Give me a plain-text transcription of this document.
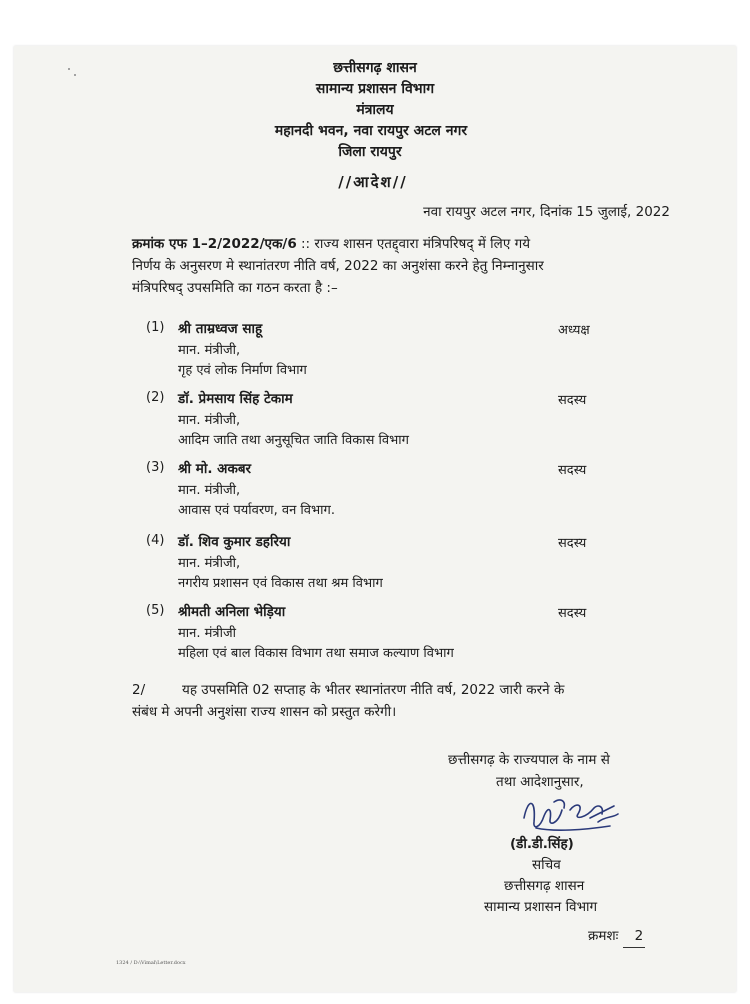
छत्तीसगढ़ शासन
सामान्य प्रशासन विभाग
मंत्रालय
महानदी भवन, नवा रायपुर अटल नगर
जिला रायपुर
//आदेश//
नवा रायपुर अटल नगर, दिनांक 15 जुलाई, 2022
क्रमांक एफ 1–2/2022/एक/6 :: राज्य शासन एतद्द्वारा मंत्रिपरिषद् में लिए गये
निर्णय के अनुसरण मे स्थानांतरण नीति वर्ष, 2022 का अनुशंसा करने हेतु निम्नानुसार
मंत्रिपरिषद् उपसमिति का गठन करता है :–
(1) श्री ताम्रध्वज साहू	अध्यक्ष
मान. मंत्रीजी,
गृह एवं लोक निर्माण विभाग
(2) डॉ. प्रेमसाय सिंह टेकाम	सदस्य
मान. मंत्रीजी,
आदिम जाति तथा अनुसूचित जाति विकास विभाग
(3) श्री मो. अकबर	सदस्य
मान. मंत्रीजी,
आवास एवं पर्यावरण, वन विभाग.
(4) डॉ. शिव कुमार डहरिया	सदस्य
मान. मंत्रीजी,
नगरीय प्रशासन एवं विकास तथा श्रम विभाग
(5) श्रीमती अनिला भेड़िया	सदस्य
मान. मंत्रीजी
महिला एवं बाल विकास विभाग तथा समाज कल्याण विभाग
2/	यह उपसमिति 02 सप्ताह के भीतर स्थानांतरण नीति वर्ष, 2022 जारी करने के
संबंध मे अपनी अनुशंसा राज्य शासन को प्रस्तुत करेगी।
छत्तीसगढ़ के राज्यपाल के नाम से
तथा आदेशानुसार,
(डी.डी.सिंह)
सचिव
छत्तीसगढ़ शासन
सामान्य प्रशासन विभाग
क्रमशः 2
1324 / D:\Vimal\Letter.docx
